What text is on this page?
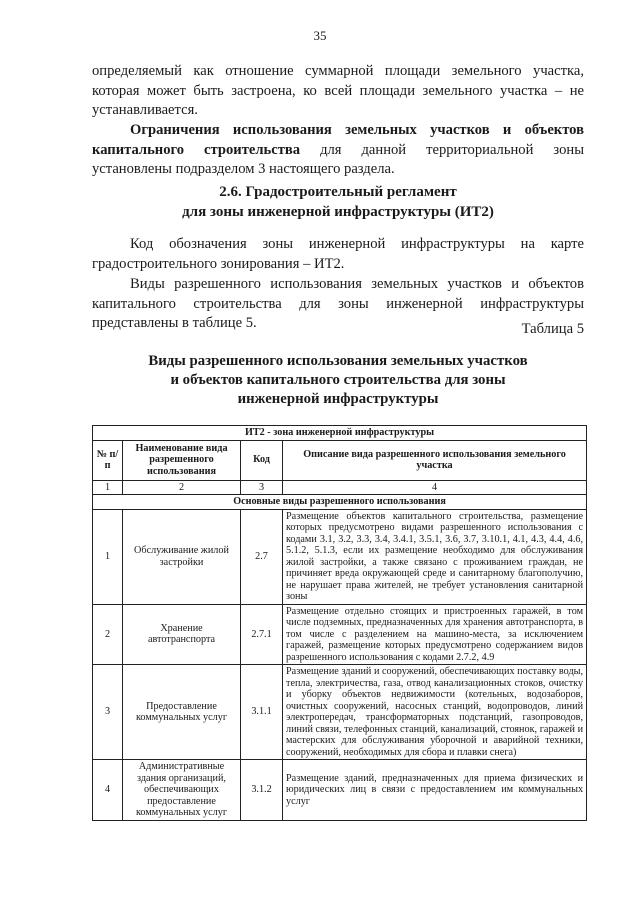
35
определяемый как отношение суммарной площади земельного участка,
которая может быть застроена, ко всей площади земельного участка – не
устанавливается.
Ограничения использования земельных участков и объектов
капитального строительства для данной территориальной зоны
установлены подразделом 3 настоящего раздела.
2.6. Градостроительный регламент
для зоны инженерной инфраструктуры (ИТ2)
Код обозначения зоны инженерной инфраструктуры на карте
градостроительного зонирования – ИТ2.
Виды разрешенного использования земельных участков и объектов
капитального строительства для зоны инженерной инфраструктуры
представлены в таблице 5.	Таблица 5
Виды разрешенного использования земельных участков
и объектов капитального строительства для зоны
инженерной инфраструктуры
ИТ2 - зона инженерной инфраструктуры			
№ п/п	Наименование вида разрешенного использования	Код	Описание вида разрешенного использования земельного участка
1	2	3	4
Основные виды разрешенного использования			
1	Обслуживание жилой застройки	2.7	Размещение объектов капитального строительства, размещение которых предусмотрено видами разрешенного использования с кодами 3.1, 3.2, 3.3, 3.4, 3.4.1, 3.5.1, 3.6, 3.7, 3.10.1, 4.1, 4.3, 4.4, 4.6, 5.1.2, 5.1.3, если их размещение необходимо для обслуживания жилой застройки, а также связано с проживанием граждан, не причиняет вреда окружающей среде и санитарному благополучию, не нарушает права жителей, не требует установления санитарной зоны
2	Хранение автотранспорта	2.7.1	Размещение отдельно стоящих и пристроенных гаражей, в том числе подземных, предназначенных для хранения автотранспорта, в том числе с разделением на машино-места, за исключением гаражей, размещение которых предусмотрено содержанием видов разрешенного использования с кодами 2.7.2, 4.9
3	Предоставление коммунальных услуг	3.1.1	Размещение зданий и сооружений, обеспечивающих поставку воды, тепла, электричества, газа, отвод канализационных стоков, очистку и уборку объектов недвижимости (котельных, водозаборов, очистных сооружений, насосных станций, водопроводов, линий электропередач, трансформаторных подстанций, газопроводов, линий связи, телефонных станций, канализаций, стоянок, гаражей и мастерских для обслуживания уборочной и аварийной техники, сооружений, необходимых для сбора и плавки снега)
4	Административные здания организаций, обеспечивающих предоставление коммунальных услуг	3.1.2	Размещение зданий, предназначенных для приема физических и юридических лиц в связи с предоставлением им коммунальных услуг
